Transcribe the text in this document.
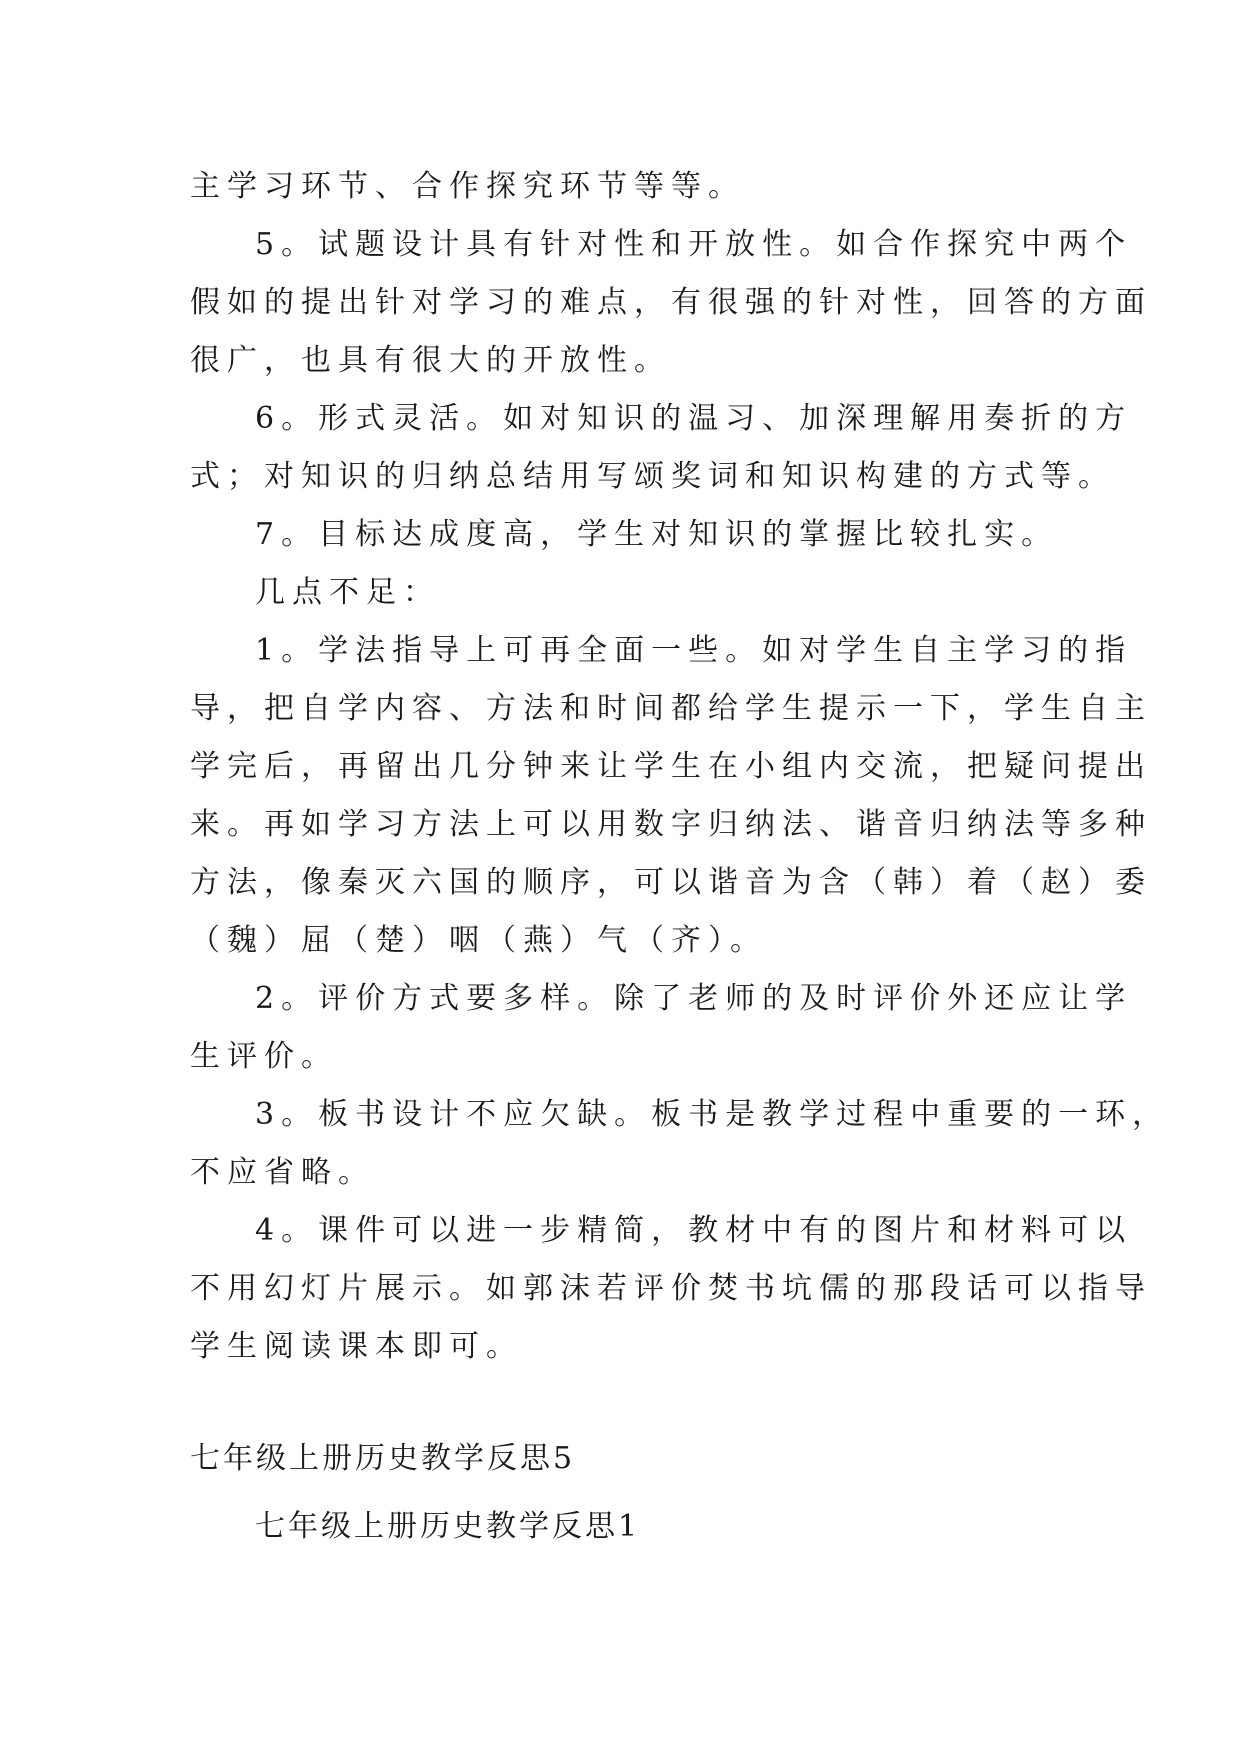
主学习环节、合作探究环节等等。
5。试题设计具有针对性和开放性。如合作探究中两个
假如的提出针对学习的难点，有很强的针对性，回答的方面
很广，也具有很大的开放性。
6。形式灵活。如对知识的温习、加深理解用奏折的方
式；对知识的归纳总结用写颂奖词和知识构建的方式等。
7。目标达成度高，学生对知识的掌握比较扎实。
几点不足：
1。学法指导上可再全面一些。如对学生自主学习的指
导，把自学内容、方法和时间都给学生提示一下，学生自主
学完后，再留出几分钟来让学生在小组内交流，把疑问提出
来。再如学习方法上可以用数字归纳法、谐音归纳法等多种
方法，像秦灭六国的顺序，可以谐音为含（韩）着（赵）委
（魏）屈（楚）咽（燕）气（齐）。
2。评价方式要多样。除了老师的及时评价外还应让学
生评价。
3。板书设计不应欠缺。板书是教学过程中重要的一环，
不应省略。
4。课件可以进一步精简，教材中有的图片和材料可以
不用幻灯片展示。如郭沫若评价焚书坑儒的那段话可以指导
学生阅读课本即可。
七年级上册历史教学反思5
七年级上册历史教学反思1
